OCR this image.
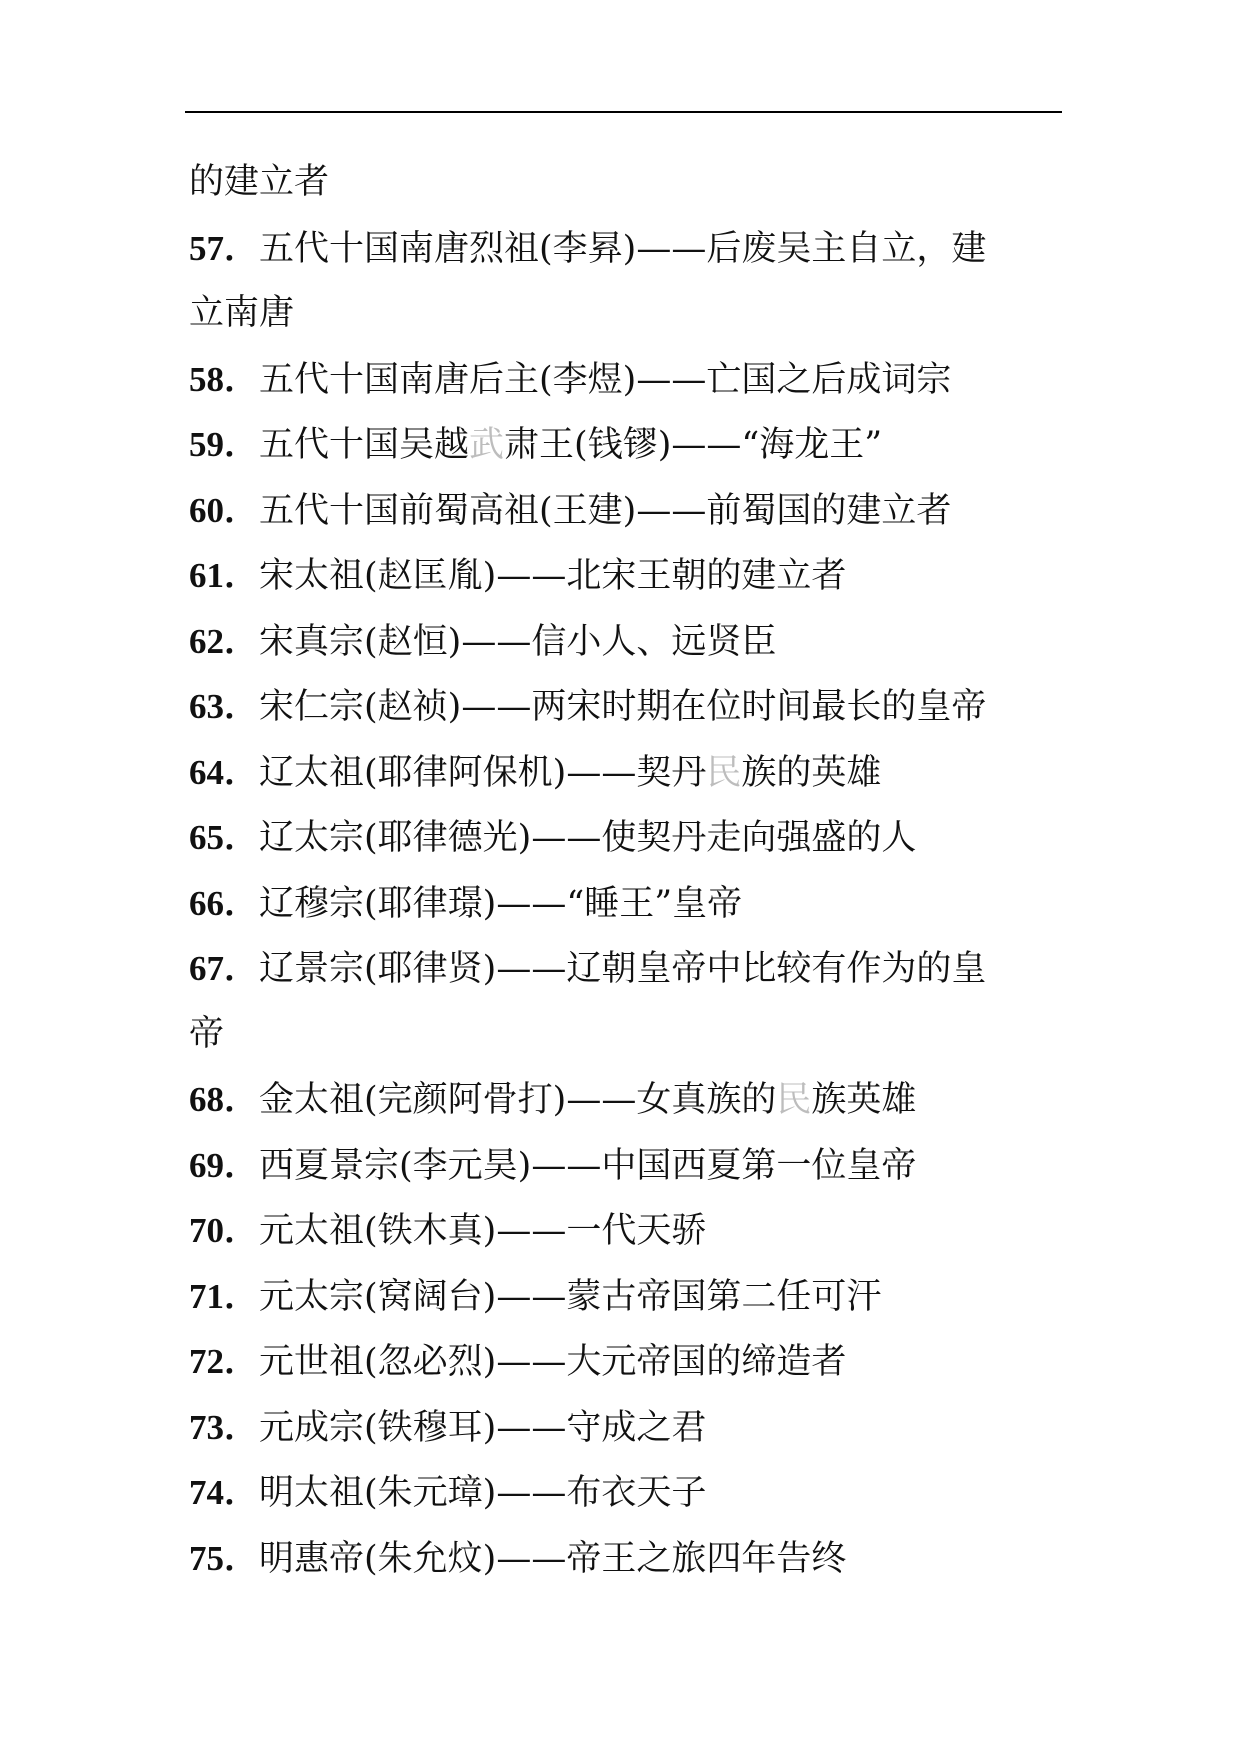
的建立者
57．五代十国南唐烈祖(李昪)——后废吴主自立，建
立南唐
58．五代十国南唐后主(李煜)——亡国之后成词宗
59．五代十国吴越武肃王(钱镠)——“海龙王”
60．五代十国前蜀高祖(王建)——前蜀国的建立者
61．宋太祖(赵匡胤)——北宋王朝的建立者
62．宋真宗(赵恒)——信小人、远贤臣
63．宋仁宗(赵祯)——两宋时期在位时间最长的皇帝
64．辽太祖(耶律阿保机)——契丹民族的英雄
65．辽太宗(耶律德光)——使契丹走向强盛的人
66．辽穆宗(耶律璟)——“睡王”皇帝
67．辽景宗(耶律贤)——辽朝皇帝中比较有作为的皇
帝
68．金太祖(完颜阿骨打)——女真族的民族英雄
69．西夏景宗(李元昊)——中国西夏第一位皇帝
70．元太祖(铁木真)——一代天骄
71．元太宗(窝阔台)——蒙古帝国第二任可汗
72．元世祖(忽必烈)——大元帝国的缔造者
73．元成宗(铁穆耳)——守成之君
74．明太祖(朱元璋)——布衣天子
75．明惠帝(朱允炆)——帝王之旅四年告终
